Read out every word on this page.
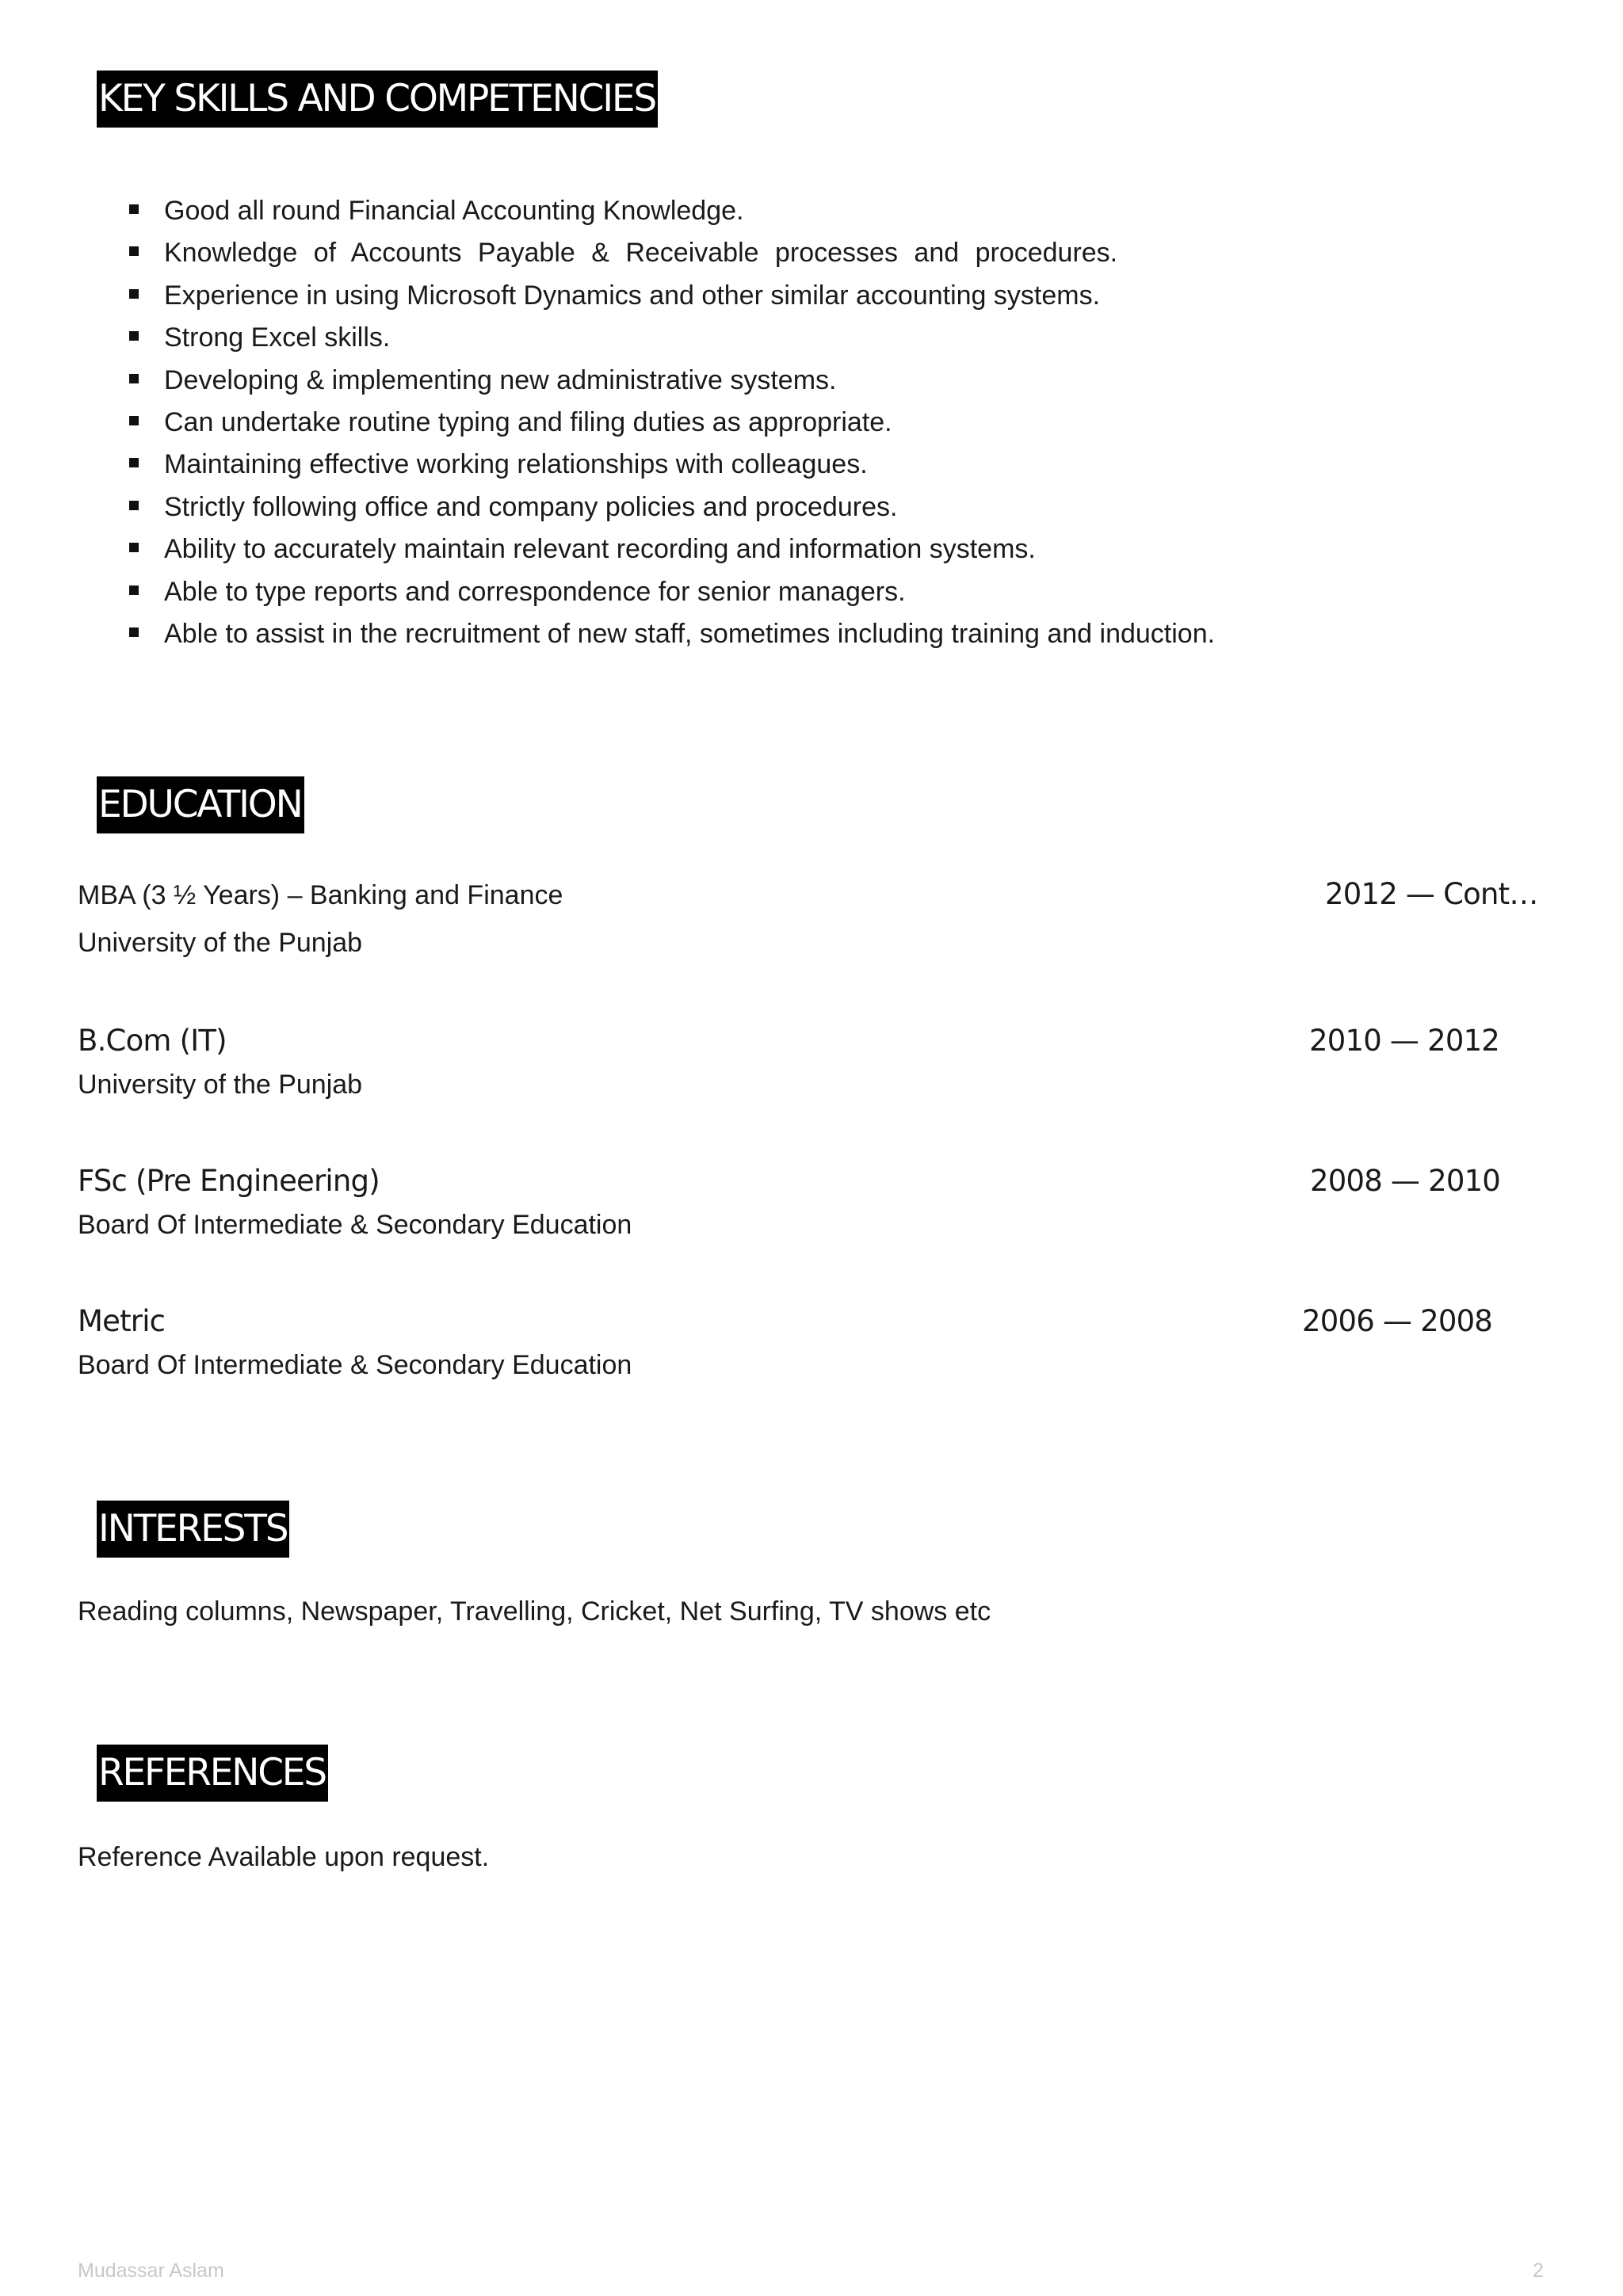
KEY SKILLS AND COMPETENCIES
Good all round Financial Accounting Knowledge.
Knowledge of Accounts Payable & Receivable processes and procedures.
Experience in using Microsoft Dynamics and other similar accounting systems.
Strong Excel skills.
Developing & implementing new administrative systems.
Can undertake routine typing and filing duties as appropriate.
Maintaining effective working relationships with colleagues.
Strictly following office and company policies and procedures.
Ability to accurately maintain relevant recording and information systems.
Able to type reports and correspondence for senior managers.
Able to assist in the recruitment of new staff, sometimes including training and induction.
EDUCATION
MBA (3 ½ Years) – Banking and Finance	2012 — Cont…
University of the Punjab
B.Com (IT)	2010 — 2012
University of the Punjab
FSc (Pre Engineering)	2008 — 2010
Board Of Intermediate & Secondary Education
Metric	2006 — 2008
Board Of Intermediate & Secondary Education
INTERESTS
Reading columns, Newspaper, Travelling, Cricket, Net Surfing, TV shows etc
REFERENCES
Reference Available upon request.
Mudassar Aslam	2
